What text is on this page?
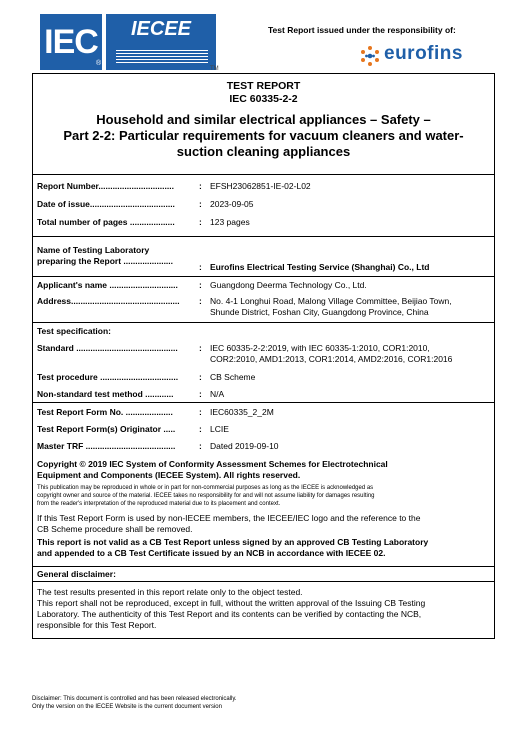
IEC
®
IECEE
TM
Test Report issued under the responsibility of:
eurofins
TEST REPORT
IEC 60335-2-2
Household and similar electrical appliances – Safety –
Part 2-2: Particular requirements for vacuum cleaners and water-
suction cleaning appliances
Report Number................................	: EFSH23062851-IE-02-L02
Date of issue....................................	: 2023-09-05
Total number of pages ...................	: 123 pages
Name of Testing Laboratory
preparing the Report .....................
: Eurofins Electrical Testing Service (Shanghai) Co., Ltd
Applicant's name .............................	: Guangdong Deerma Technology Co., Ltd.
Address..............................................	: No. 4-1 Longhui Road, Malong Village Committee, Beijiao Town,
Shunde District, Foshan City, Guangdong Province, China
Test specification:
Standard ...........................................	: IEC 60335-2-2:2019, with IEC 60335-1:2010, COR1:2010,
COR2:2010, AMD1:2013, COR1:2014, AMD2:2016, COR1:2016
Test procedure .................................	: CB Scheme
Non-standard test method ............	: N/A
Test Report Form No. ....................	: IEC60335_2_2M
Test Report Form(s) Originator .....	: LCIE
Master TRF ......................................	: Dated 2019-09-10
Copyright © 2019 IEC System of Conformity Assessment Schemes for Electrotechnical
Equipment and Components (IECEE System). All rights reserved.
This publication may be reproduced in whole or in part for non-commercial purposes as long as the IECEE is acknowledged as
copyright owner and source of the material. IECEE takes no responsibility for and will not assume liability for damages resulting
from the reader's interpretation of the reproduced material due to its placement and context.
If this Test Report Form is used by non-IECEE members, the IECEE/IEC logo and the reference to the
CB Scheme procedure shall be removed.
This report is not valid as a CB Test Report unless signed by an approved CB Testing Laboratory
and appended to a CB Test Certificate issued by an NCB in accordance with IECEE 02.
General disclaimer:
The test results presented in this report relate only to the object tested.
This report shall not be reproduced, except in full, without the written approval of the Issuing CB Testing
Laboratory. The authenticity of this Test Report and its contents can be verified by contacting the NCB,
responsible for this Test Report.
Disclaimer: This document is controlled and has been released electronically.
Only the version on the IECEE Website is the current document version
